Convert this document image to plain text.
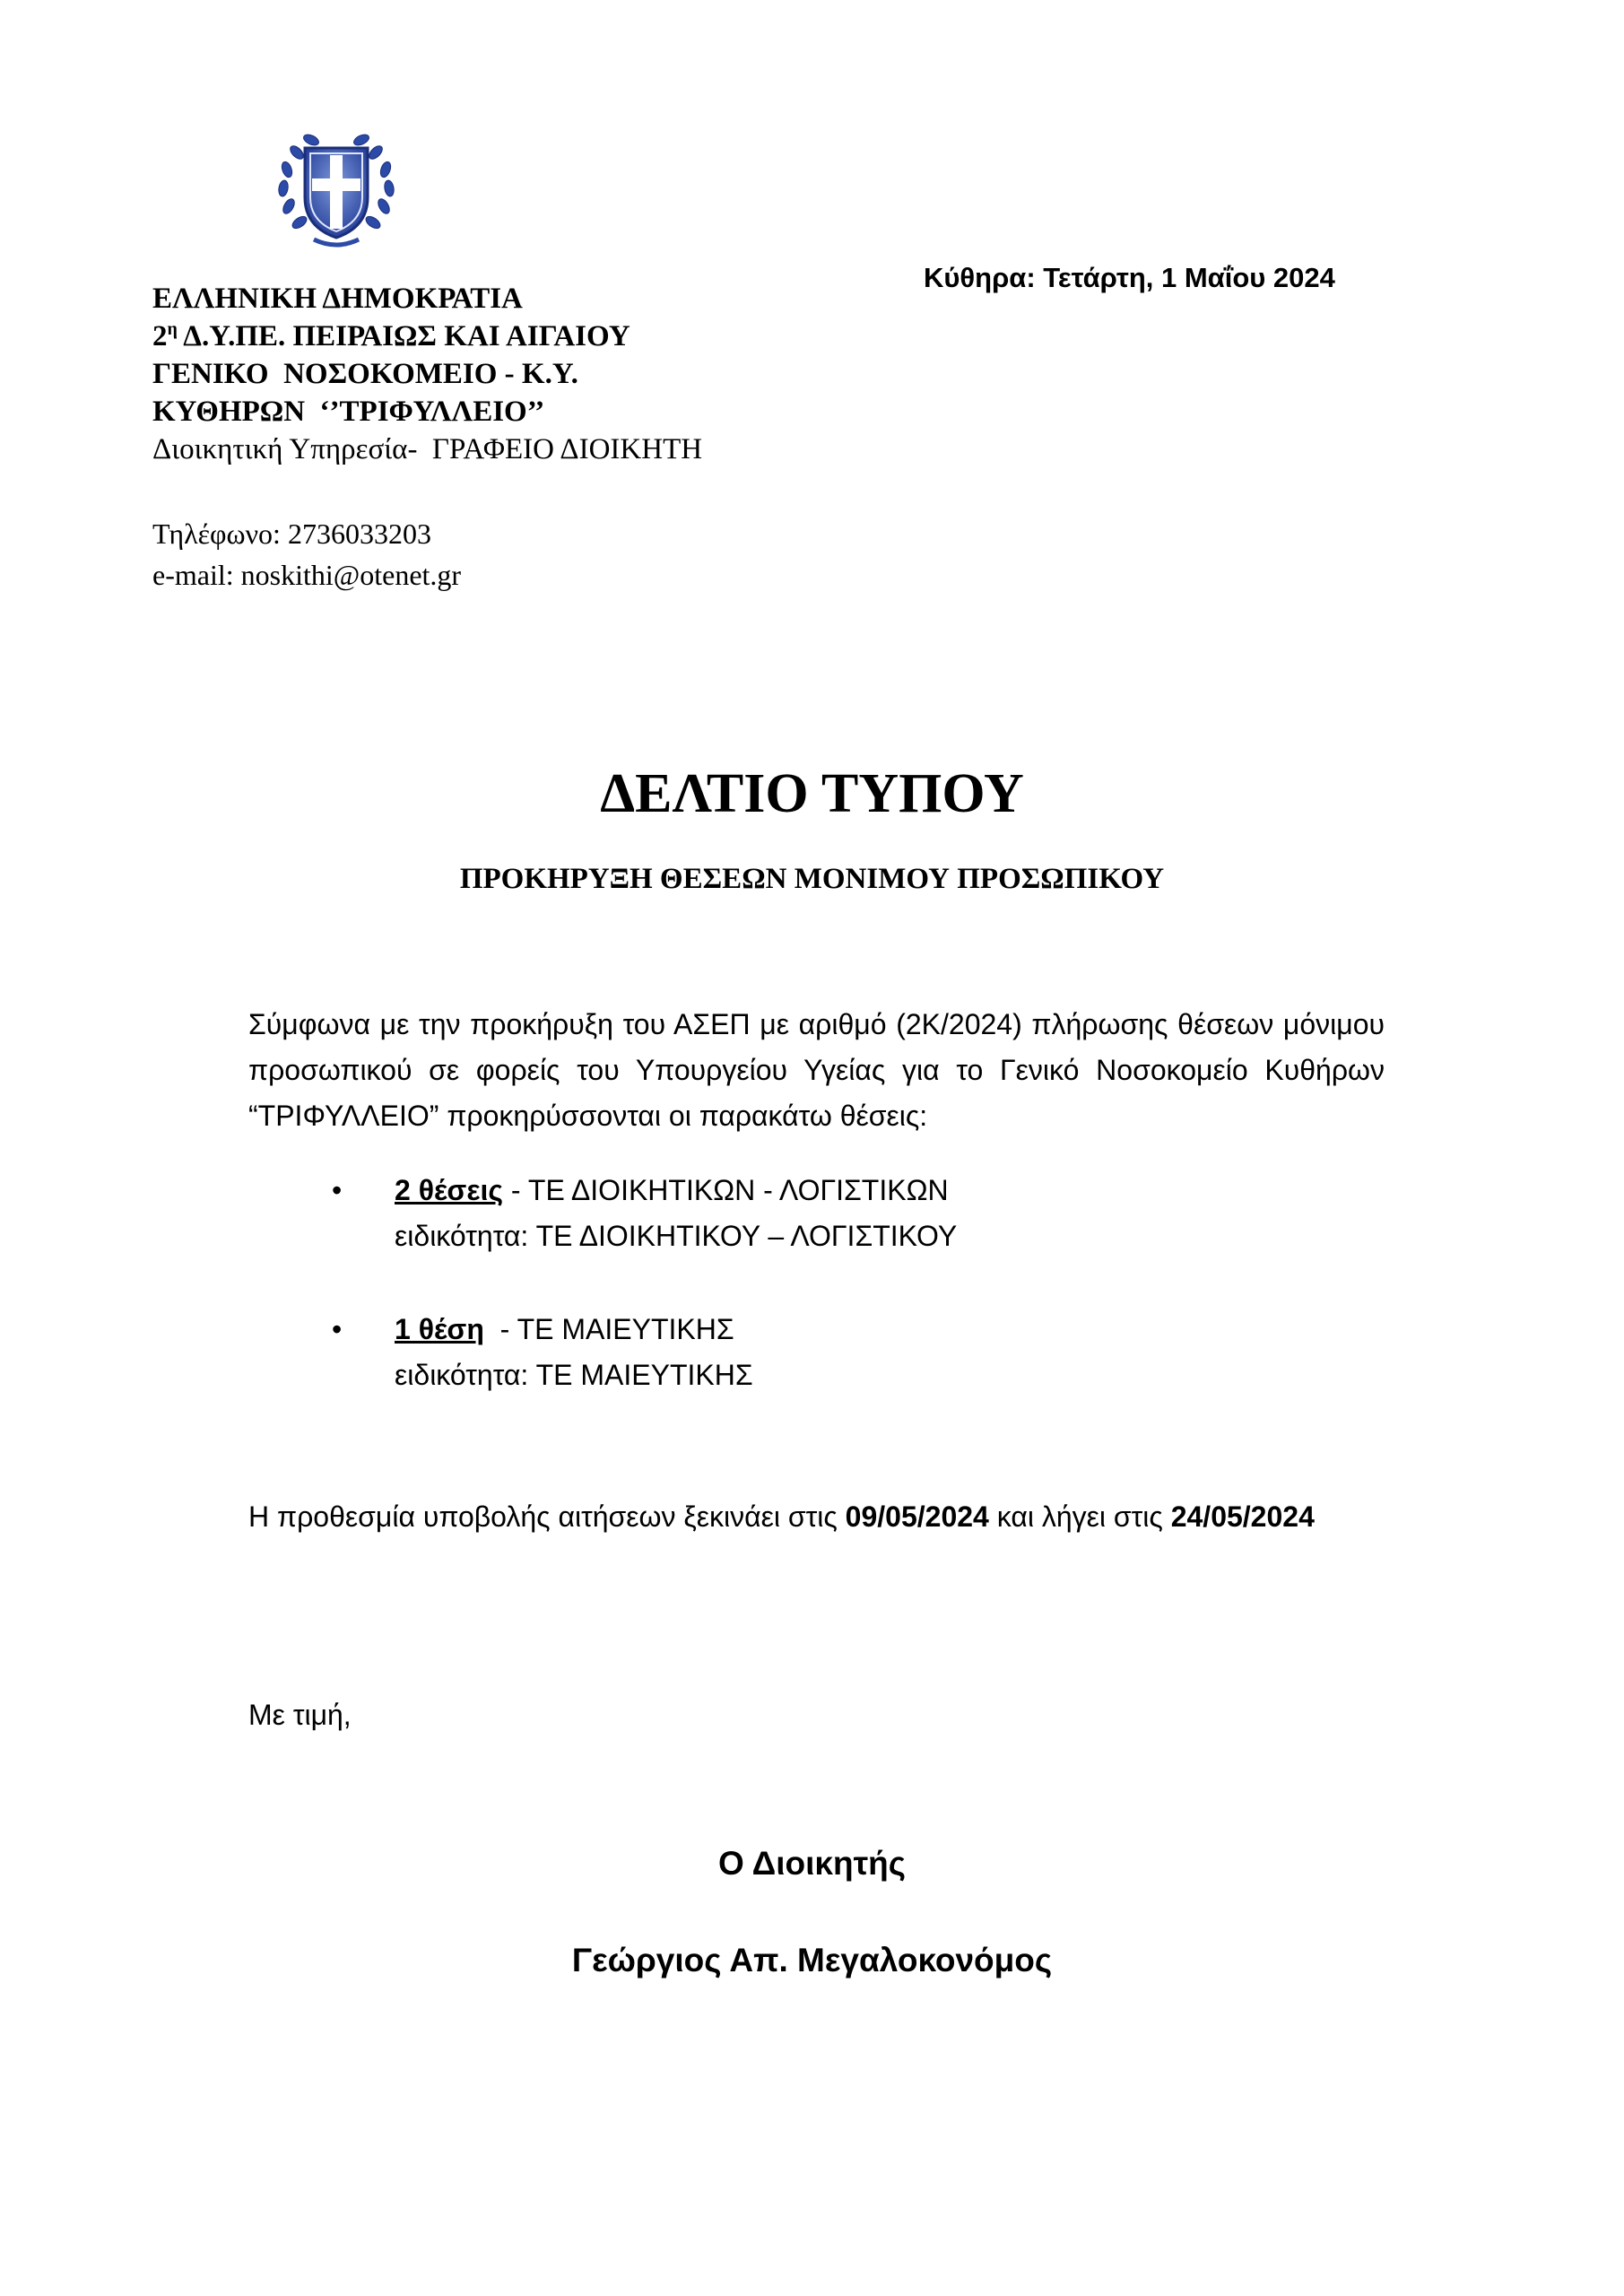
ΕΛΛΗΝΙΚΗ ΔΗΜΟΚΡΑΤΙΑ
$2^\eta$ Δ.Υ.ΠΕ. ΠΕΙΡΑΙΩΣ ΚΑΙ ΑΙΓΑΙΟΥ
ΓΕΝΙΚΟ  ΝΟΣΟΚΟΜΕΙΟ - Κ.Υ.
ΚΥΘΗΡΩΝ  ‘’ΤΡΙΦΥΛΛΕΙΟ’’
Διοικητική Υπηρεσία-  ΓΡΑΦΕΙΟ ΔΙΟΙΚΗΤΗ
Τηλέφωνο: 2736033203
e-mail: noskithi@otenet.gr
Κύθηρα: Τετάρτη, 1 Μαΐου 2024
ΔΕΛΤΙΟ ΤΥΠΟΥ
ΠΡΟΚΗΡΥΞΗ ΘΕΣΕΩΝ ΜΟΝΙΜΟΥ ΠΡΟΣΩΠΙΚΟΥ
Σύμφωνα με την προκήρυξη του ΑΣΕΠ με αριθμό (2Κ/2024) πλήρωσης θέσεων μόνιμου προσωπικού σε φορείς του Υπουργείου Υγείας για το Γενικό Νοσοκομείο Κυθήρων “ΤΡΙΦΥΛΛΕΙΟ” προκηρύσσονται οι παρακάτω θέσεις:
• 2 θέσεις - ΤΕ ΔΙΟΙΚΗΤΙΚΩΝ - ΛΟΓΙΣΤΙΚΩΝ
ειδικότητα: ΤΕ ΔΙΟΙΚΗΤΙΚΟΥ – ΛΟΓΙΣΤΙΚΟΥ
• 1 θέση  - ΤΕ ΜΑΙΕΥΤΙΚΗΣ
ειδικότητα: ΤΕ ΜΑΙΕΥΤΙΚΗΣ
Η προθεσμία υποβολής αιτήσεων ξεκινάει στις 09/05/2024 και λήγει στις 24/05/2024
Με τιμή,
Ο Διοικητής
Γεώργιος Απ. Μεγαλοκονόμος
